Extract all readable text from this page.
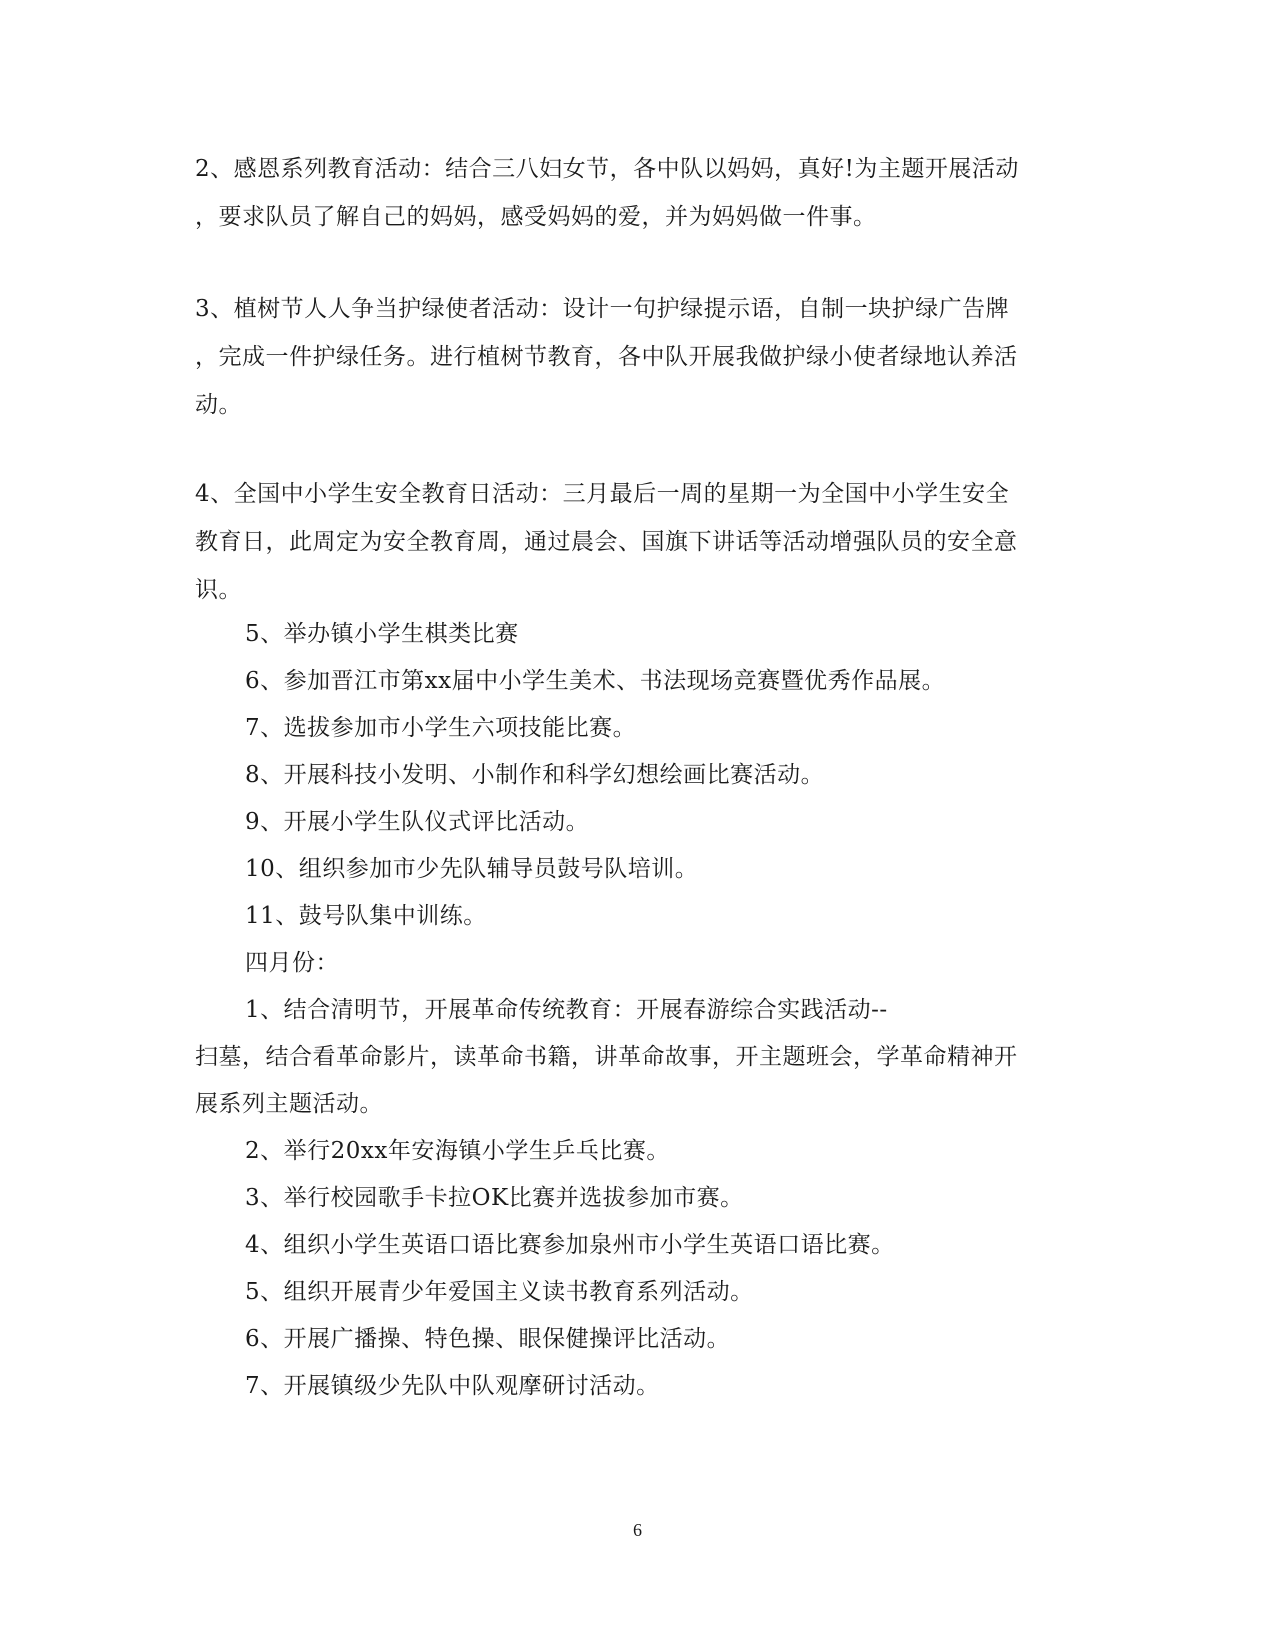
2、感恩系列教育活动：结合三八妇女节，各中队以妈妈，真好!为主题开展活动
，要求队员了解自己的妈妈，感受妈妈的爱，并为妈妈做一件事。
3、植树节人人争当护绿使者活动：设计一句护绿提示语，自制一块护绿广告牌
，完成一件护绿任务。进行植树节教育，各中队开展我做护绿小使者绿地认养活
动。
4、全国中小学生安全教育日活动：三月最后一周的星期一为全国中小学生安全
教育日，此周定为安全教育周，通过晨会、国旗下讲话等活动增强队员的安全意
识。

5、举办镇小学生棋类比赛

6、参加晋江市第xx届中小学生美术、书法现场竞赛暨优秀作品展。

7、选拔参加市小学生六项技能比赛。

8、开展科技小发明、小制作和科学幻想绘画比赛活动。

9、开展小学生队仪式评比活动。

10、组织参加市少先队辅导员鼓号队培训。

11、鼓号队集中训练。

四月份：

1、结合清明节，开展革命传统教育：开展春游综合实践活动--

扫墓，结合看革命影片，读革命书籍，讲革命故事，开主题班会，学革命精神开

展系列主题活动。

2、举行20xx年安海镇小学生乒乓比赛。

3、举行校园歌手卡拉OK比赛并选拔参加市赛。

4、组织小学生英语口语比赛参加泉州市小学生英语口语比赛。

5、组织开展青少年爱国主义读书教育系列活动。

6、开展广播操、特色操、眼保健操评比活动。

7、开展镇级少先队中队观摩研讨活动。

6
